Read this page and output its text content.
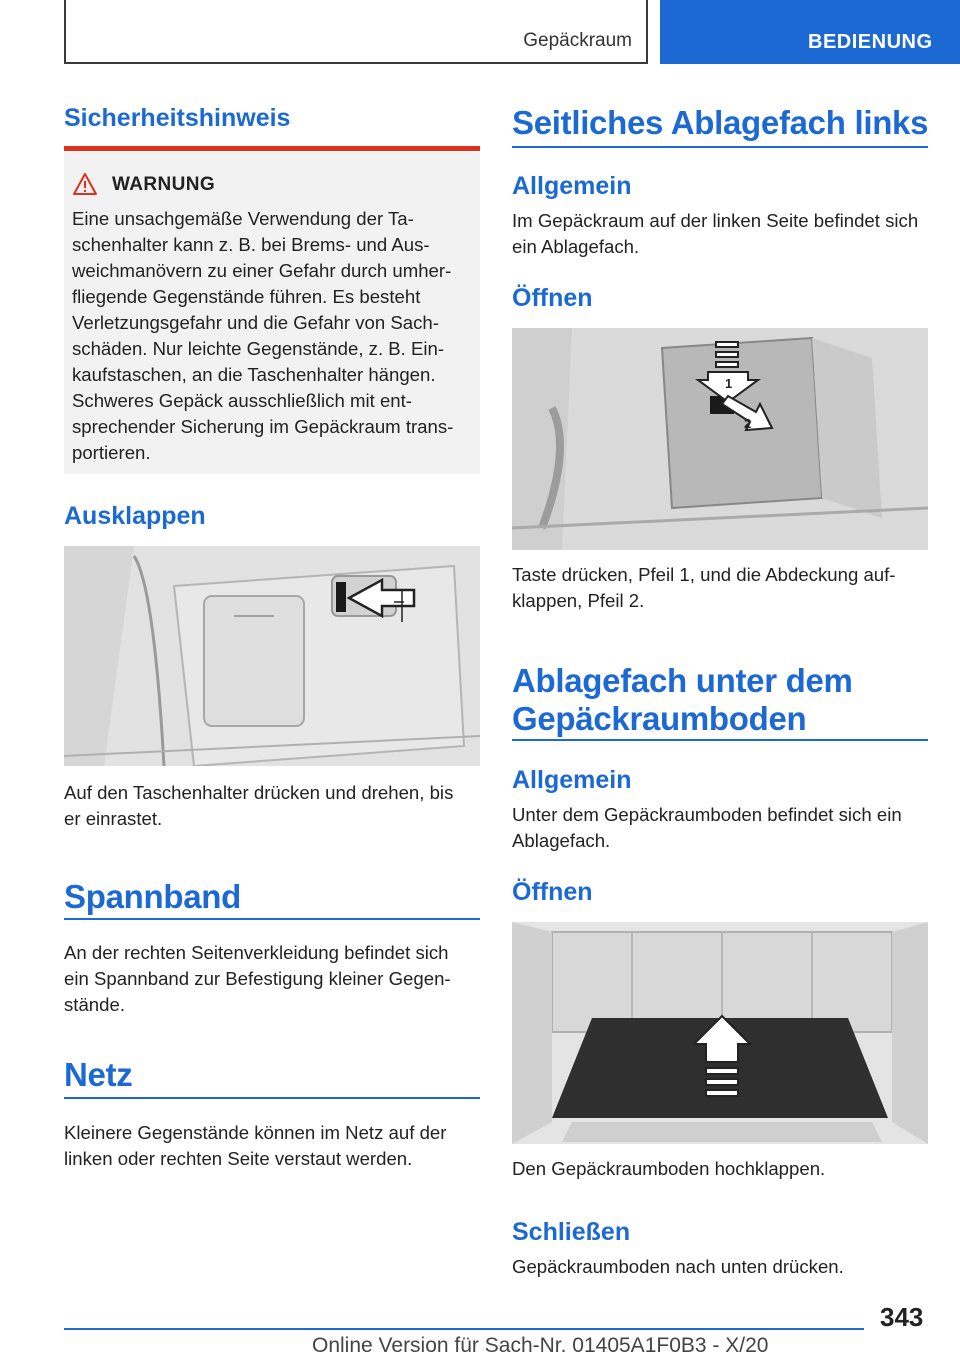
Gepäckraum	BEDIENUNG
Sicherheitshinweis
WARNUNG
Eine unsachgemäße Verwendung der Ta‐
schenhalter kann z. B. bei Brems- und Aus‐
weichmanövern zu einer Gefahr durch umher‐
fliegende Gegenstände führen. Es besteht
Verletzungsgefahr und die Gefahr von Sach‐
schäden. Nur leichte Gegenstände, z. B. Ein‐
kaufstaschen, an die Taschenhalter hängen.
Schweres Gepäck ausschließlich mit ent‐
sprechender Sicherung im Gepäckraum trans‐
portieren.
Ausklappen
Auf den Taschenhalter drücken und drehen, bis
er einrastet.
Spannband
An der rechten Seitenverkleidung befindet sich
ein Spannband zur Befestigung kleiner Gegen‐
stände.
Netz
Kleinere Gegenstände können im Netz auf der
linken oder rechten Seite verstaut werden.
Seitliches Ablagefach links
Allgemein
Im Gepäckraum auf der linken Seite befindet sich
ein Ablagefach.
Öffnen
1
2
Taste drücken, Pfeil 1, und die Abdeckung auf‐
klappen, Pfeil 2.
Ablagefach unter dem
Gepäckraumboden
Allgemein
Unter dem Gepäckraumboden befindet sich ein
Ablagefach.
Öffnen
Den Gepäckraumboden hochklappen.
Schließen
Gepäckraumboden nach unten drücken.
343
Online Version für Sach-Nr. 01405A1F0B3 - X/20
